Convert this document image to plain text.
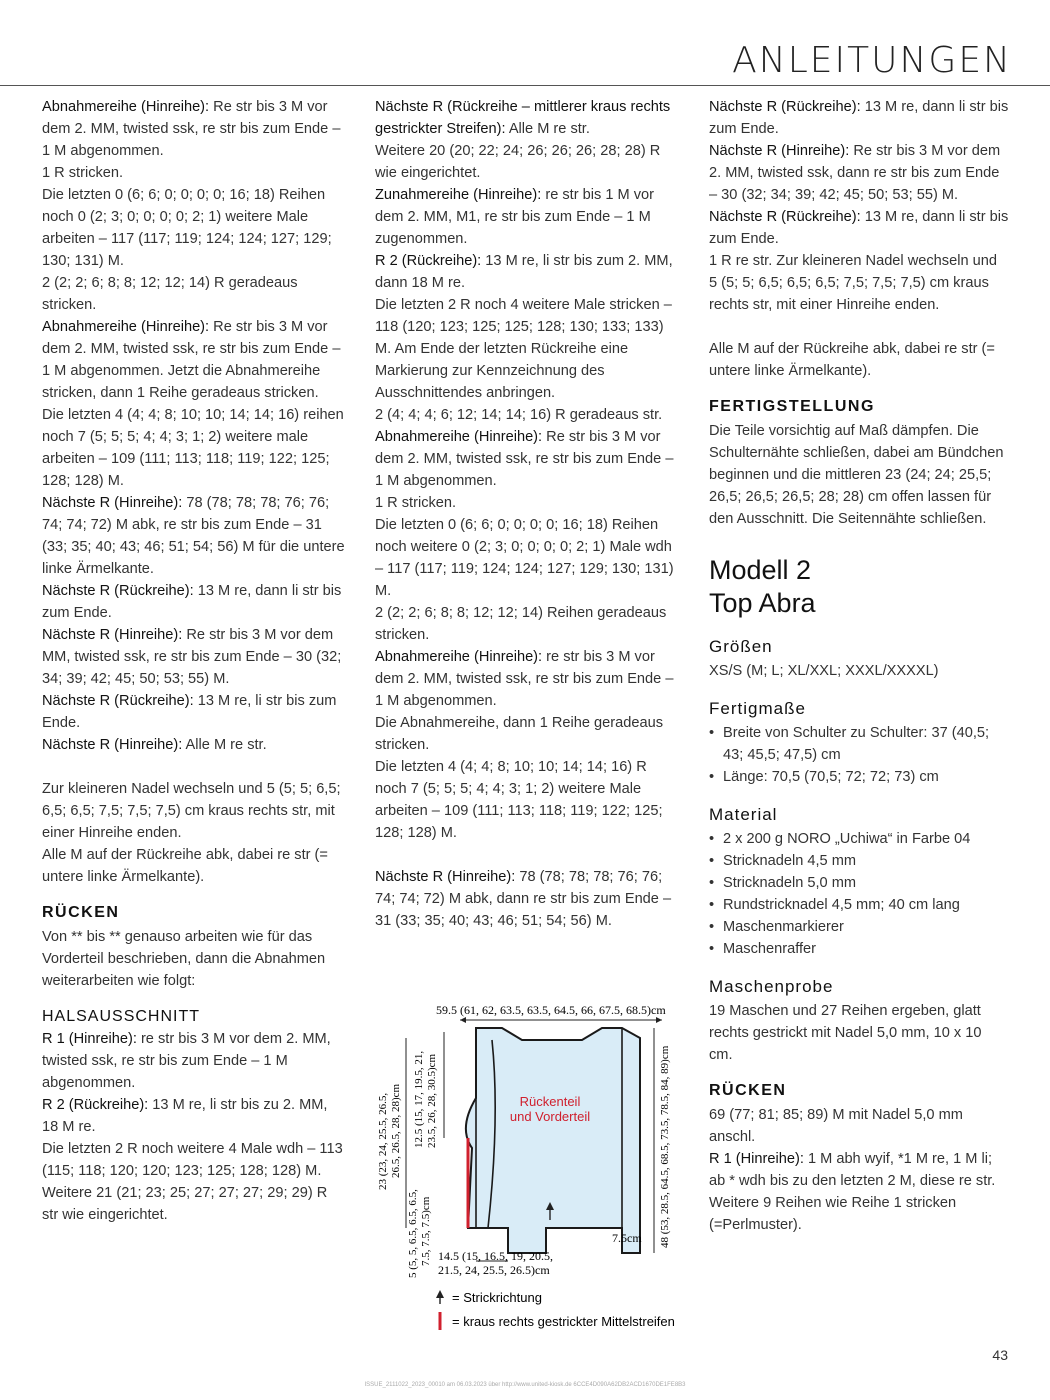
ANLEITUNGEN

Abnahmereihe (Hinreihe): Re str bis 3 M vor dem 2. MM, twisted ssk, re str bis zum Ende – 1 M abgenommen.

1 R stricken.

Die letzten 0 (6; 6; 0; 0; 0; 0; 16; 18) Reihen noch 0 (2; 3; 0; 0; 0; 0; 2; 1) weitere Male arbeiten – 117 (117; 119; 124; 124; 127; 129; 130; 131) M.

2 (2; 2; 6; 8; 8; 12; 12; 14) R geradeaus stricken.

Abnahmereihe (Hinreihe): Re str bis 3 M vor dem 2. MM, twisted ssk, re str bis zum Ende – 1 M abgenommen. Jetzt die Abnahmereihe stricken, dann 1 Reihe geradeaus stricken.

Die letzten 4 (4; 4; 8; 10; 10; 14; 14; 16) reihen noch 7 (5; 5; 5; 4; 4; 3; 1; 2) weitere male arbeiten – 109 (111; 113; 118; 119; 122; 125; 128; 128) M.

Nächste R (Hinreihe): 78 (78; 78; 78; 76; 76; 74; 74; 72) M abk, re str bis zum Ende – 31 (33; 35; 40; 43; 46; 51; 54; 56) M für die untere linke Ärmelkante.

Nächste R (Rückreihe): 13 M re, dann li str bis zum Ende.

Nächste R (Hinreihe): Re str bis 3 M vor dem MM, twisted ssk, re str bis zum Ende – 30 (32; 34; 39; 42; 45; 50; 53; 55) M.

Nächste R (Rückreihe): 13 M re, li str bis zum Ende.

Nächste R (Hinreihe): Alle M re str.

Zur kleineren Nadel wechseln und 5 (5; 5; 6,5; 6,5; 6,5; 7,5; 7,5; 7,5) cm kraus rechts str, mit einer Hinreihe enden.

Alle M auf der Rückreihe abk, dabei re str (= untere linke Ärmelkante).

RÜCKEN

Von ** bis ** genauso arbeiten wie für das Vorderteil beschrieben, dann die Abnahmen weiterarbeiten wie folgt:

HALSAUSSCHNITT

R 1 (Hinreihe): re str bis 3 M vor dem 2. MM, twisted ssk, re str bis zum Ende – 1 M abgenommen.

R 2 (Rückreihe): 13 M re, li str bis zu 2. MM, 18 M re.

Die letzten 2 R noch weitere 4 Male wdh – 113 (115; 118; 120; 120; 123; 125; 128; 128) M.

Weitere 21 (21; 23; 25; 27; 27; 27; 29; 29) R str wie eingerichtet.

Nächste R (Rückreihe – mittlerer kraus rechts gestrickter Streifen): Alle M re str.

Weitere 20 (20; 22; 24; 26; 26; 26; 28; 28) R wie eingerichtet.

Zunahmereihe (Hinreihe): re str bis 1 M vor dem 2. MM, M1, re str bis zum Ende – 1 M zugenommen.

R 2 (Rückreihe): 13 M re, li str bis zum 2. MM, dann 18 M re.

Die letzten 2 R noch 4 weitere Male stricken – 118 (120; 123; 125; 125; 128; 130; 133; 133) M. Am Ende der letzten Rückreihe eine Markierung zur Kennzeichnung des Ausschnittendes anbringen.

2 (4; 4; 4; 6; 12; 14; 14; 16) R geradeaus str.

Abnahmereihe (Hinreihe): Re str bis 3 M vor dem 2. MM, twisted ssk, re str bis zum Ende – 1 M abgenommen.

1 R stricken.

Die letzten 0 (6; 6; 0; 0; 0; 0; 16; 18) Reihen noch weitere 0 (2; 3; 0; 0; 0; 0; 2; 1) Male wdh – 117 (117; 119; 124; 124; 127; 129; 130; 131) M.

2 (2; 2; 6; 8; 8; 12; 12; 14) Reihen geradeaus stricken.

Abnahmereihe (Hinreihe): re str bis 3 M vor dem 2. MM, twisted ssk, re str bis zum Ende – 1 M abgenommen.

Die Abnahmereihe, dann 1 Reihe geradeaus stricken.

Die letzten 4 (4; 4; 8; 10; 10; 14; 14; 16) R noch 7 (5; 5; 5; 4; 4; 3; 1; 2) weitere Male arbeiten – 109 (111; 113; 118; 119; 122; 125; 128; 128) M.

Nächste R (Hinreihe): 78 (78; 78; 78; 76; 76; 74; 74; 72) M abk, dann re str bis zum Ende – 31 (33; 35; 40; 43; 46; 51; 54; 56) M.

59.5 (61, 62, 63.5, 63.5, 64.5, 66, 67.5, 68.5)cm
Rückenteil
und Vorderteil
23 (23, 24, 25.5, 26.5, 26.5, 26.5, 28, 28)cm 12.5 (15, 17, 19.5, 21, 23.5, 26, 28, 30.5)cm
5 (5, 5, 6.5, 6.5, 6.5, 7.5, 7.5, 7.5)cm	48 (53, 28.5, 64.5, 68.5, 73.5, 78.5, 84, 89)cm
14.5 (15, 16.5, 19, 20.5,
21.5, 24, 25.5, 26.5)cm
7.5cm
= Strickrichtung
= kraus rechts gestrickter Mittelstreifen

Nächste R (Rückreihe): 13 M re, dann li str bis zum Ende.

Nächste R (Hinreihe): Re str bis 3 M vor dem 2. MM, twisted ssk, dann re str bis zum Ende – 30 (32; 34; 39; 42; 45; 50; 53; 55) M.

Nächste R (Rückreihe): 13 M re, dann li str bis zum Ende.

1 R re str. Zur kleineren Nadel wechseln und 5 (5; 5; 6,5; 6,5; 6,5; 7,5; 7,5; 7,5) cm kraus rechts str, mit einer Hinreihe enden.

Alle M auf der Rückreihe abk, dabei re str (= untere linke Ärmelkante).

FERTIGSTELLUNG

Die Teile vorsichtig auf Maß dämpfen. Die Schulternähte schließen, dabei am Bündchen beginnen und die mittleren 23 (24; 24; 25,5; 26,5; 26,5; 26,5; 28; 28) cm offen lassen für den Ausschnitt. Die Seitennähte schließen.

Modell 2
Top Abra
Größen

XS/S (M; L; XL/XXL; XXXL/XXXXL)

Fertigmaße
• Breite von Schulter zu Schulter: 37 (40,5; 43; 45,5; 47,5) cm
• Länge: 70,5 (70,5; 72; 72; 73) cm
Material
• 2 x 200 g NORO „Uchiwa“ in Farbe 04
• Stricknadeln 4,5 mm
• Stricknadeln 5,0 mm
• Rundstricknadel 4,5 mm; 40 cm lang
• Maschenmarkierer
• Maschenraffer
Maschenprobe

19 Maschen und 27 Reihen ergeben, glatt rechts gestrickt mit Nadel 5,0 mm, 10 x 10 cm.

RÜCKEN

69 (77; 81; 85; 89) M mit Nadel 5,0 mm anschl.

R 1 (Hinreihe): 1 M abh wyif, *1 M re, 1 M li; ab * wdh bis zu den letzten 2 M, diese re str.

Weitere 9 Reihen wie Reihe 1 stricken (=Perlmuster).

43
ISSUE_2111022_2023_00010 am 06.03.2023 über http://www.united-kiosk.de 6CCE4D090A62DB2ACD1670DE1FE8B3
